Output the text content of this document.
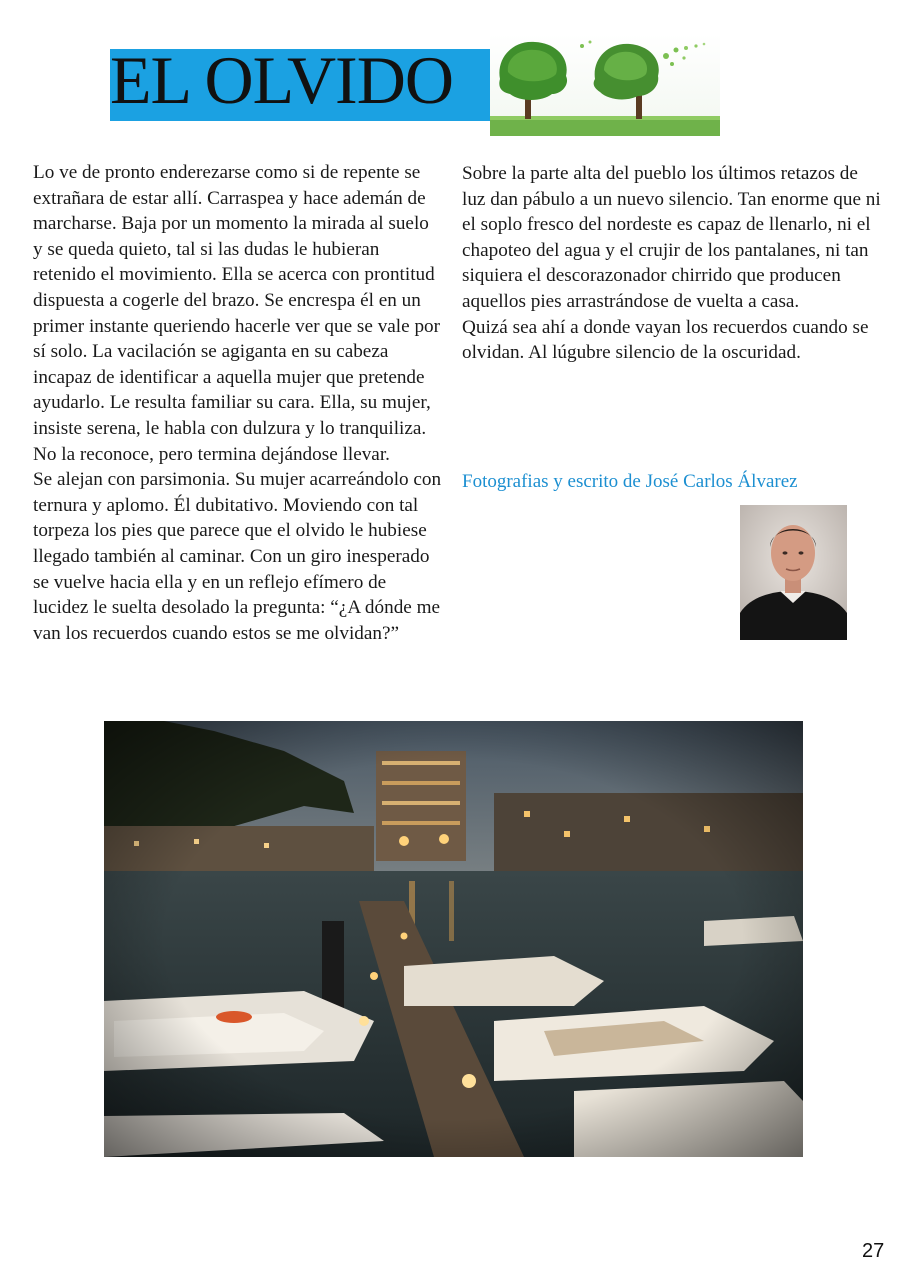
EL OLVIDO

Lo ve de pronto enderezarse como si de repente se extrañara de estar allí. Carraspea y hace ademán de marcharse. Baja por un momento la mirada al suelo y se queda quieto, tal si las dudas le hubieran retenido el movimiento. Ella se acerca con prontitud dispuesta a cogerle del brazo. Se encrespa él en un primer instante queriendo hacerle ver que se vale por sí solo. La vacilación se agiganta en su cabeza incapaz de identificar a aquella mujer que pretende ayudarlo. Le resulta familiar su cara. Ella, su mujer, insiste serena, le habla con dulzura y lo tranquiliza. No la reconoce, pero termina dejándose llevar.

Se alejan con parsimonia. Su mujer acarreándolo con ternura y aplomo. Él dubitativo. Moviendo con tal torpeza los pies que parece que el olvido le hubiese llegado también al caminar. Con un giro inesperado se vuelve hacia ella y en un reflejo efímero de lucidez le suelta desolado la pregunta: “¿A dónde me van los recuerdos cuando estos se me olvidan?”

Sobre la parte alta del pueblo los últimos retazos de luz dan pábulo a un nuevo silencio. Tan enorme que ni el soplo fresco del nordeste es capaz de llenarlo, ni el chapoteo del agua y el crujir de los pantalanes, ni tan siquiera el descorazonador chirrido que producen aquellos pies arrastrándose de vuelta a casa.

Quizá sea ahí a donde vayan los recuerdos cuando se olvidan. Al lúgubre silencio de la oscuridad.

Fotografias y escrito de José Carlos Álvarez
27
